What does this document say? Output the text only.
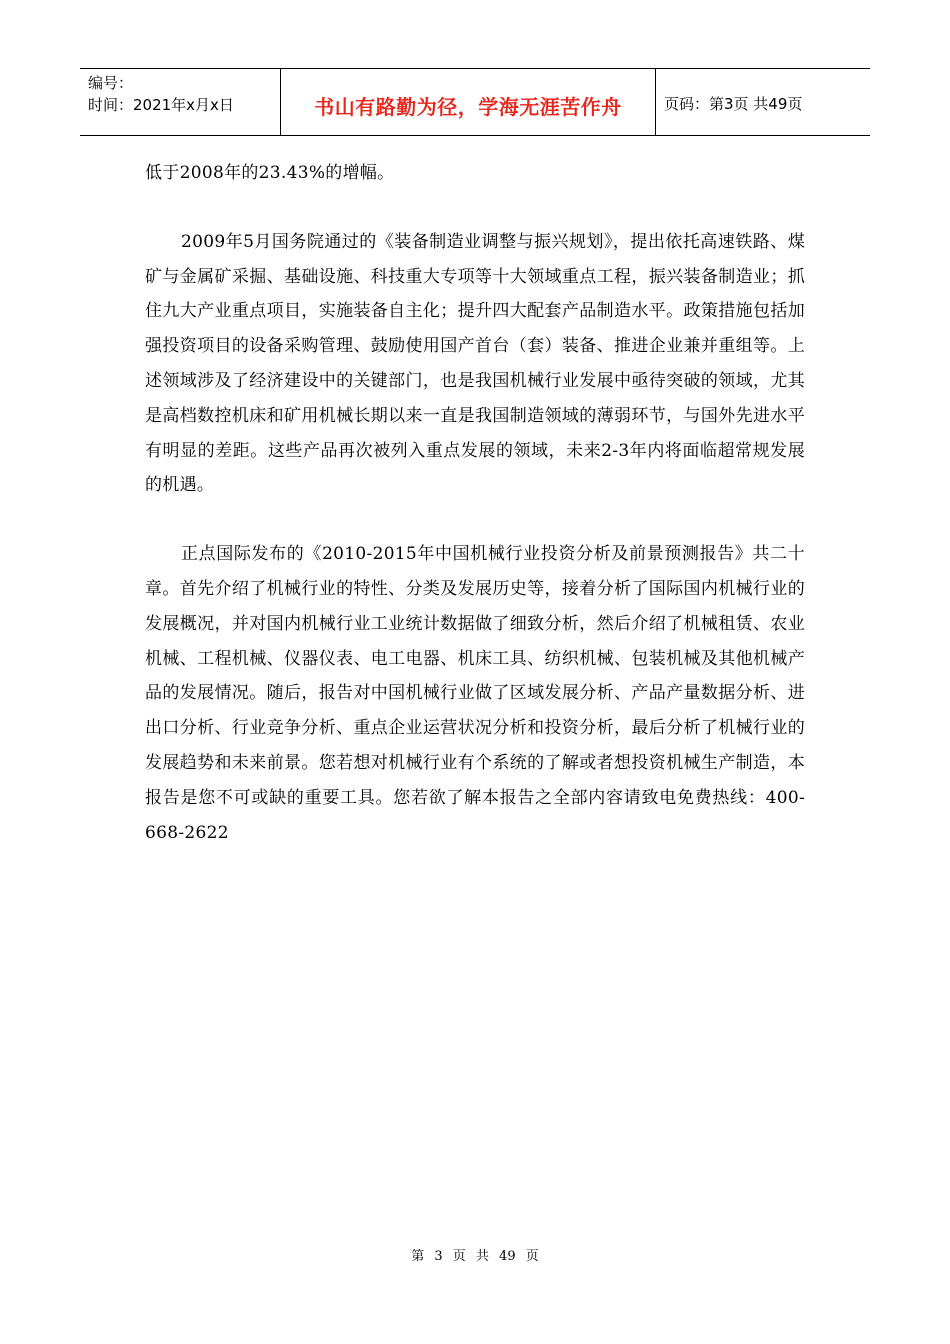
编号：
时间：2021年x月x日	书山有路勤为径，学海无涯苦作舟	页码：第3页 共49页

低于2008年的23.43%的增幅。

2009年5月国务院通过的《装备制造业调整与振兴规划》，提出依托高速铁路、煤矿与金属矿采掘、基础设施、科技重大专项等十大领域重点工程，振兴装备制造业；抓住九大产业重点项目，实施装备自主化；提升四大配套产品制造水平。政策措施包括加强投资项目的设备采购管理、鼓励使用国产首台（套）装备、推进企业兼并重组等。上述领域涉及了经济建设中的关键部门，也是我国机械行业发展中亟待突破的领域，尤其是高档数控机床和矿用机械长期以来一直是我国制造领域的薄弱环节，与国外先进水平有明显的差距。这些产品再次被列入重点发展的领域，未来2-3年内将面临超常规发展的机遇。

正点国际发布的《2010-2015年中国机械行业投资分析及前景预测报告》共二十章。首先介绍了机械行业的特性、分类及发展历史等，接着分析了国际国内机械行业的发展概况，并对国内机械行业工业统计数据做了细致分析，然后介绍了机械租赁、农业机械、工程机械、仪器仪表、电工电器、机床工具、纺织机械、包装机械及其他机械产品的发展情况。随后，报告对中国机械行业做了区域发展分析、产品产量数据分析、进出口分析、行业竞争分析、重点企业运营状况分析和投资分析，最后分析了机械行业的发展趋势和未来前景。您若想对机械行业有个系统的了解或者想投资机械生产制造，本报告是您不可或缺的重要工具。您若欲了解本报告之全部内容请致电免费热线：400-668-2622

第 3 页 共 49 页
